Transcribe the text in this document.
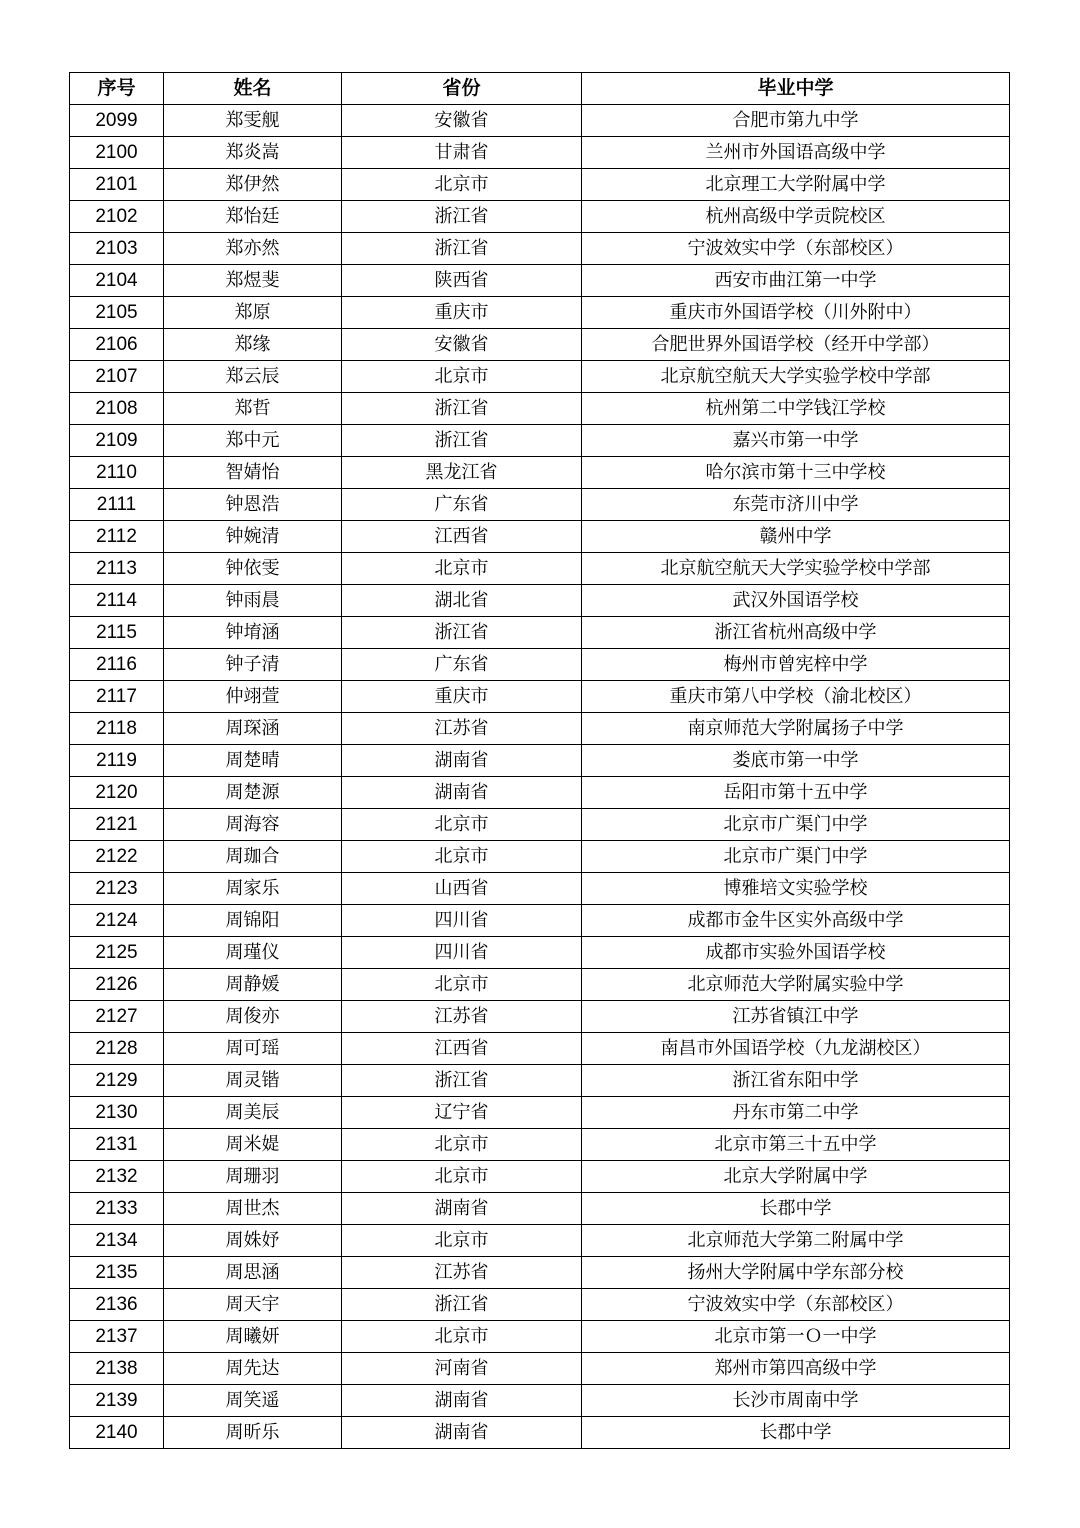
序号	姓名	省份	毕业中学
2099	郑雯舰	安徽省	合肥市第九中学
2100	郑炎嵩	甘肃省	兰州市外国语高级中学
2101	郑伊然	北京市	北京理工大学附属中学
2102	郑怡廷	浙江省	杭州高级中学贡院校区
2103	郑亦然	浙江省	宁波效实中学（东部校区）
2104	郑煜斐	陕西省	西安市曲江第一中学
2105	郑原	重庆市	重庆市外国语学校（川外附中）
2106	郑缘	安徽省	合肥世界外国语学校（经开中学部）
2107	郑云辰	北京市	北京航空航天大学实验学校中学部
2108	郑哲	浙江省	杭州第二中学钱江学校
2109	郑中元	浙江省	嘉兴市第一中学
2110	智婧怡	黑龙江省	哈尔滨市第十三中学校
2111	钟恩浩	广东省	东莞市济川中学
2112	钟婉清	江西省	赣州中学
2113	钟依雯	北京市	北京航空航天大学实验学校中学部
2114	钟雨晨	湖北省	武汉外国语学校
2115	钟堉涵	浙江省	浙江省杭州高级中学
2116	钟子清	广东省	梅州市曾宪梓中学
2117	仲翊萱	重庆市	重庆市第八中学校（渝北校区）
2118	周琛涵	江苏省	南京师范大学附属扬子中学
2119	周楚晴	湖南省	娄底市第一中学
2120	周楚源	湖南省	岳阳市第十五中学
2121	周海容	北京市	北京市广渠门中学
2122	周珈合	北京市	北京市广渠门中学
2123	周家乐	山西省	博雅培文实验学校
2124	周锦阳	四川省	成都市金牛区实外高级中学
2125	周瑾仪	四川省	成都市实验外国语学校
2126	周静媛	北京市	北京师范大学附属实验中学
2127	周俊亦	江苏省	江苏省镇江中学
2128	周可瑶	江西省	南昌市外国语学校（九龙湖校区）
2129	周灵锴	浙江省	浙江省东阳中学
2130	周美辰	辽宁省	丹东市第二中学
2131	周米媞	北京市	北京市第三十五中学
2132	周珊羽	北京市	北京大学附属中学
2133	周世杰	湖南省	长郡中学
2134	周姝妤	北京市	北京师范大学第二附属中学
2135	周思涵	江苏省	扬州大学附属中学东部分校
2136	周天宇	浙江省	宁波效实中学（东部校区）
2137	周曦妍	北京市	北京市第一Ｏ一中学
2138	周先达	河南省	郑州市第四高级中学
2139	周笑遥	湖南省	长沙市周南中学
2140	周昕乐	湖南省	长郡中学
